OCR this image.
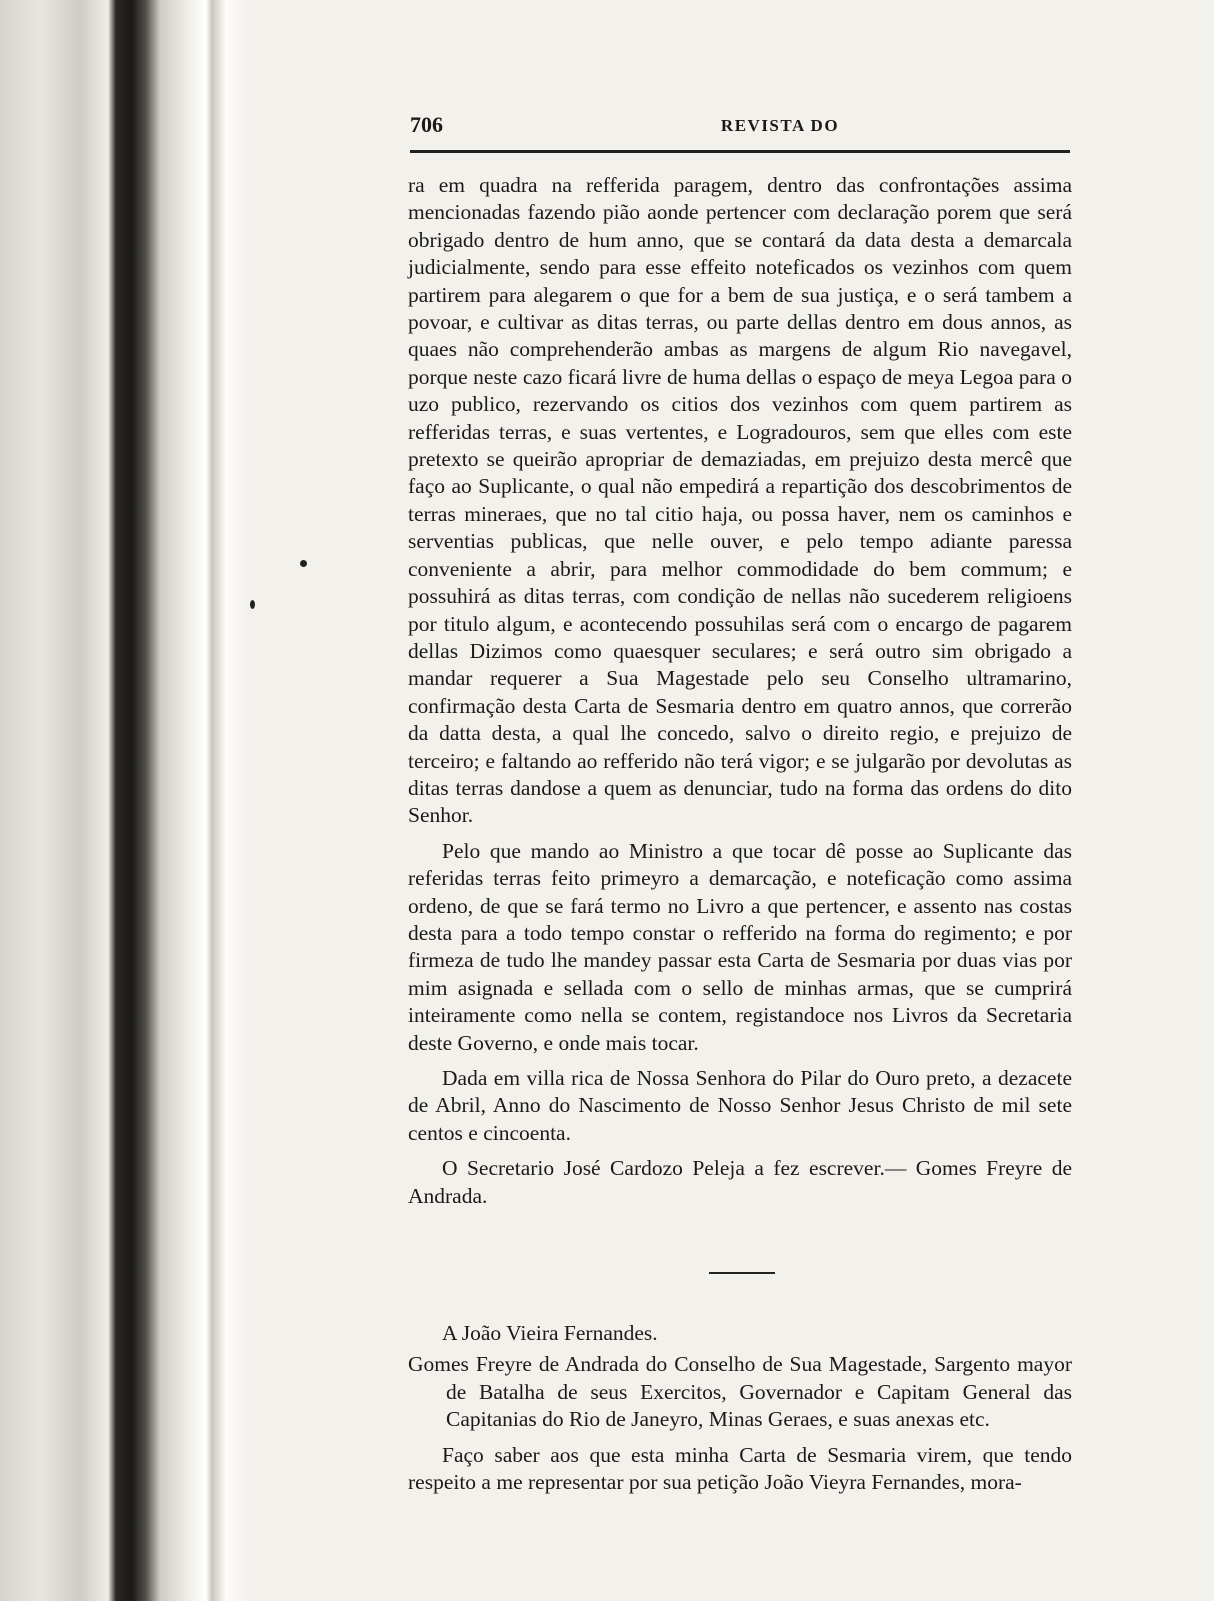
706	REVISTA DO

ra em quadra na refferida paragem, dentro das confrontações assima mencionadas fazendo pião aonde pertencer com declaração porem que será obrigado dentro de hum anno, que se contará da data desta a demarcala judicialmente, sendo para esse effeito noteficados os vezinhos com quem partirem para alegarem o que for a bem de sua justiça, e o será tambem a povoar, e cultivar as ditas terras, ou parte dellas dentro em dous annos, as quaes não comprehenderão ambas as margens de algum Rio navegavel, porque neste cazo ficará livre de huma dellas o espaço de meya Legoa para o uzo publico, rezervando os citios dos vezinhos com quem partirem as refferidas terras, e suas vertentes, e Logradouros, sem que elles com este pretexto se queirão apropriar de demaziadas, em prejuizo desta mercê que faço ao Suplicante, o qual não empedirá a repartição dos descobrimentos de terras mineraes, que no tal citio haja, ou possa haver, nem os caminhos e serventias publicas, que nelle ouver, e pelo tempo adiante paressa conveniente a abrir, para melhor commodidade do bem commum; e possuhirá as ditas terras, com condição de nellas não sucederem religioens por titulo algum, e acontecendo possuhilas será com o encargo de pagarem dellas Dizimos como quaesquer seculares; e será outro sim obrigado a mandar requerer a Sua Magestade pelo seu Conselho ultramarino, confirmação desta Carta de Sesmaria dentro em quatro annos, que correrão da datta desta, a qual lhe concedo, salvo o direito regio, e prejuizo de terceiro; e faltando ao refferido não terá vigor; e se julgarão por devolutas as ditas terras dandose a quem as denunciar, tudo na forma das ordens do dito Senhor.

Pelo que mando ao Ministro a que tocar dê posse ao Suplicante das referidas terras feito primeyro a demarcação, e noteficação como assima ordeno, de que se fará termo no Livro a que pertencer, e assento nas costas desta para a todo tempo constar o refferido na forma do regimento; e por firmeza de tudo lhe mandey passar esta Carta de Sesmaria por duas vias por mim asignada e sellada com o sello de minhas armas, que se cumprirá inteiramente como nella se contem, registandoce nos Livros da Secretaria deste Governo, e onde mais tocar.

Dada em villa rica de Nossa Senhora do Pilar do Ouro preto, a dezacete de Abril, Anno do Nascimento de Nosso Senhor Jesus Christo de mil sete centos e cincoenta.

O Secretario José Cardozo Peleja a fez escrever.— Gomes Freyre de Andrada.

A João Vieira Fernandes.

Gomes Freyre de Andrada do Conselho de Sua Magestade, Sargento mayor de Batalha de seus Exercitos, Governador e Capitam General das Capitanias do Rio de Janeyro, Minas Geraes, e suas anexas etc.

Faço saber aos que esta minha Carta de Sesmaria virem, que tendo respeito a me representar por sua petição João Vieyra Fernandes, mora-
